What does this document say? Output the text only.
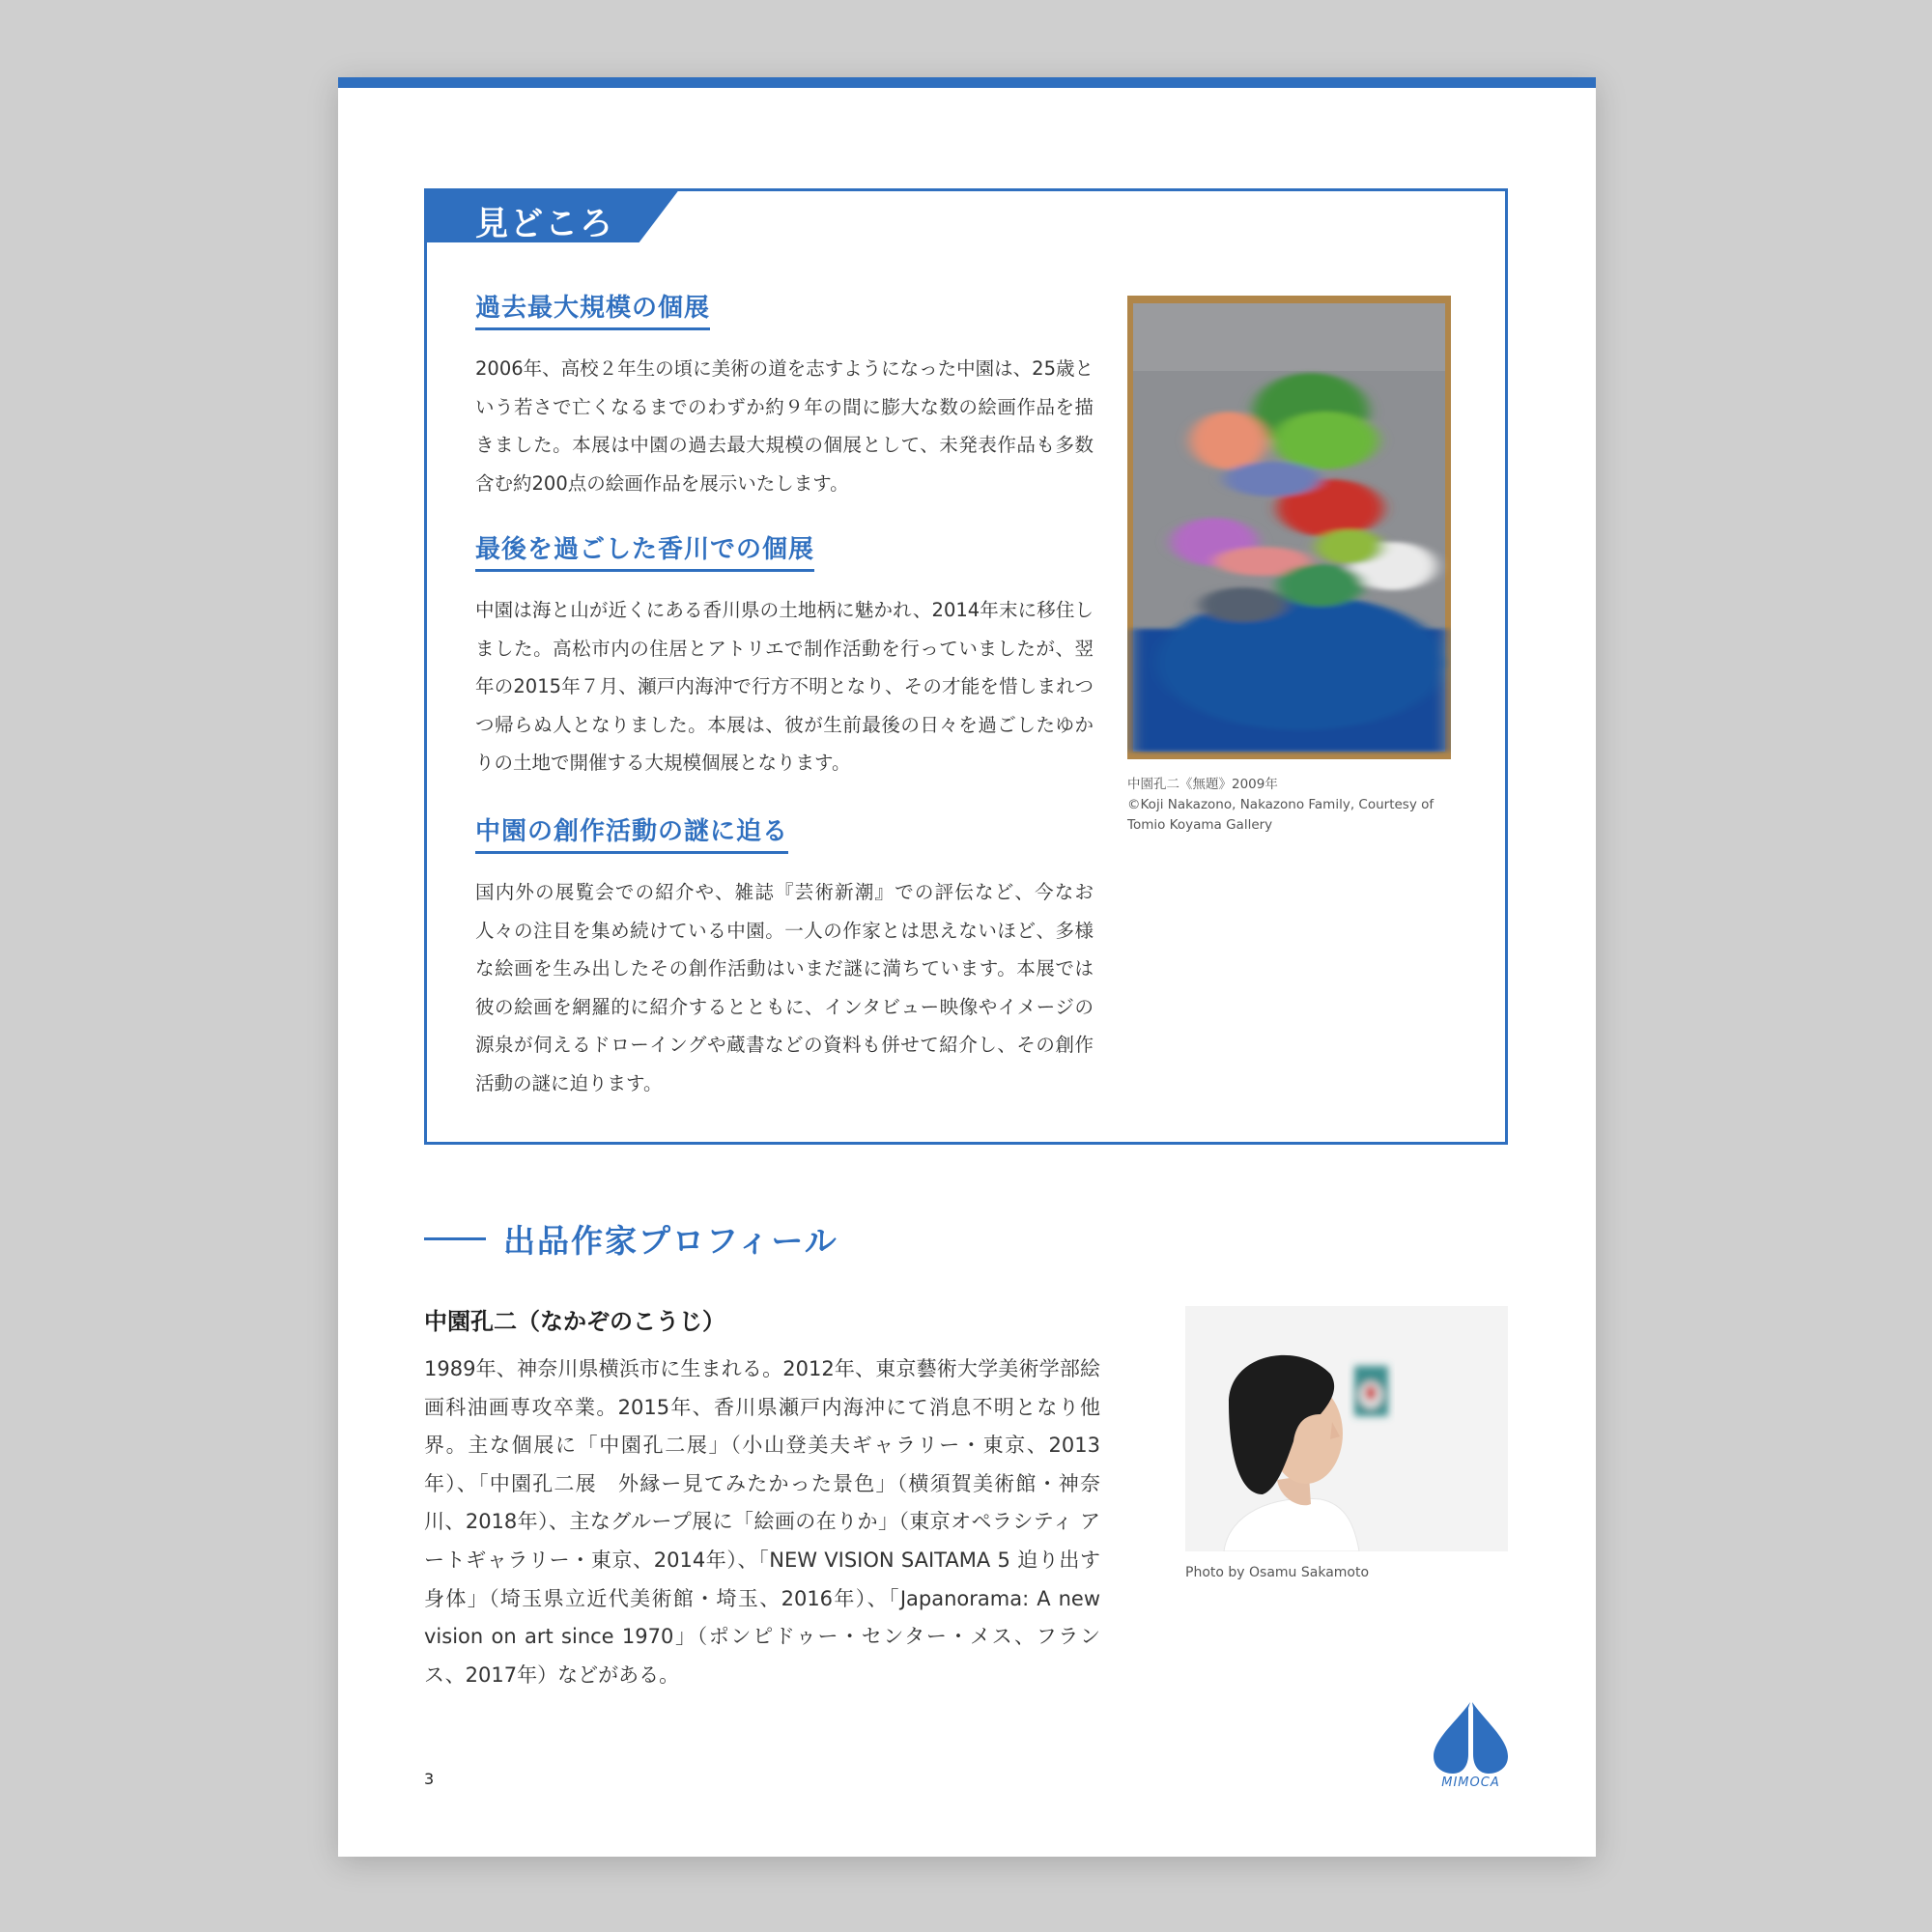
見どころ
過去最大規模の個展
2006年、高校２年生の頃に美術の道を志すようになった中園は、25歳という若さで亡くなるまでのわずか約９年の間に膨大な数の絵画作品を描きました。本展は中園の過去最大規模の個展として、未発表作品も多数含む約200点の絵画作品を展示いたします。
最後を過ごした香川での個展
中園は海と山が近くにある香川県の土地柄に魅かれ、2014年末に移住しました。高松市内の住居とアトリエで制作活動を行っていましたが、翌年の2015年７月、瀬戸内海沖で行方不明となり、その才能を惜しまれつつ帰らぬ人となりました。本展は、彼が生前最後の日々を過ごしたゆかりの土地で開催する大規模個展となります。
中園の創作活動の謎に迫る
国内外の展覧会での紹介や、雑誌『芸術新潮』での評伝など、今なお人々の注目を集め続けている中園。一人の作家とは思えないほど、多様な絵画を生み出したその創作活動はいまだ謎に満ちています。本展では彼の絵画を網羅的に紹介するとともに、インタビュー映像やイメージの源泉が伺えるドローイングや蔵書などの資料も併せて紹介し、その創作活動の謎に迫ります。
中園孔二《無題》2009年
©Koji Nakazono, Nakazono Family, Courtesy of Tomio Koyama Gallery
出品作家プロフィール
中園孔二（なかぞのこうじ）
1989年、神奈川県横浜市に生まれる。2012年、東京藝術大学美術学部絵画科油画専攻卒業。2015年、香川県瀬戸内海沖にて消息不明となり他界。主な個展に「中園孔二展」（小山登美夫ギャラリー・東京、2013年）、「中園孔二展　外縁ー見てみたかった景色」（横須賀美術館・神奈川、2018年）、主なグループ展に「絵画の在りか」（東京オペラシティ アートギャラリー・東京、2014年）、「NEW VISION SAITAMA 5 迫り出す身体」（埼玉県立近代美術館・埼玉、2016年）、「Japanorama: A new vision on art since 1970」（ポンピドゥー・センター・メス、フランス、2017年）などがある。
Photo by Osamu Sakamoto
3	MIMOCA
